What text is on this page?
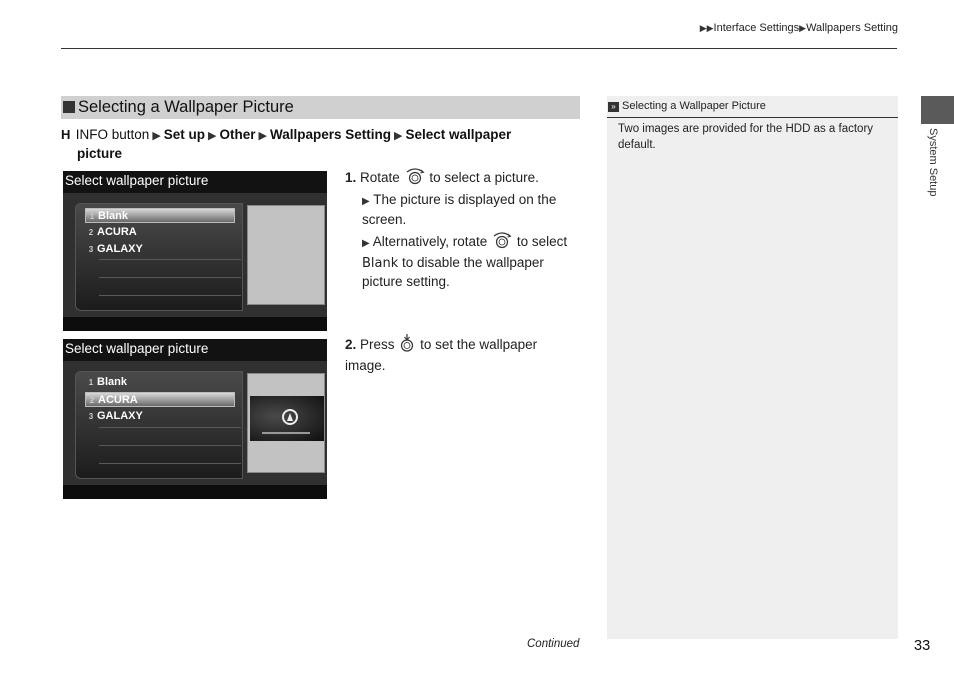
▶▶Interface Settings▶Wallpapers Setting
Selecting a Wallpaper Picture
H INFO button ▶ Set up ▶ Other ▶ Wallpapers Setting ▶ Select wallpaper
picture
Select wallpaper picture
1 Blank
2 ACURA
3 GALAXY
Select wallpaper picture
1 Blank
2 ACURA
3 GALAXY
1. Rotate to select a picture.
▶ The picture is displayed on the screen.
▶ Alternatively, rotate to select Blank to disable the wallpaper picture setting.
2. Press to set the wallpaper image.
» Selecting a Wallpaper Picture
Two images are provided for the HDD as a factory default.	System Setup
Continued	33
